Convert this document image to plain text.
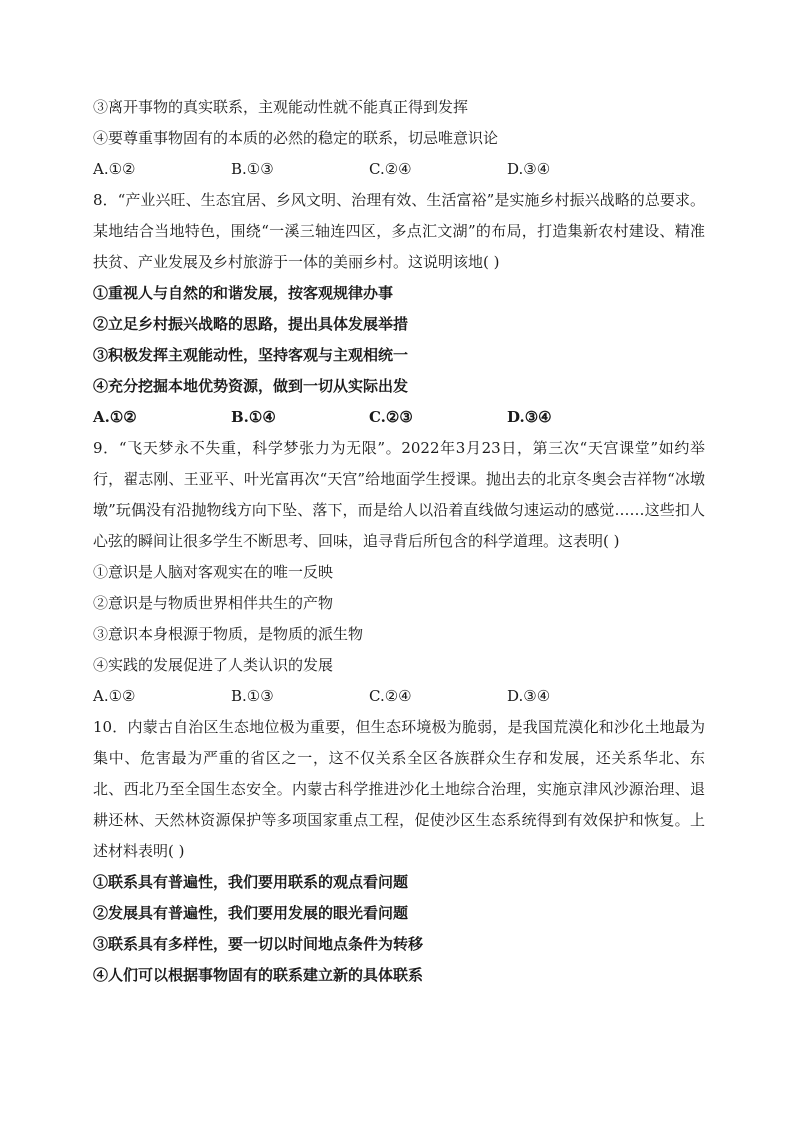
③离开事物的真实联系，主观能动性就不能真正得到发挥
④要尊重事物固有的本质的必然的稳定的联系，切忌唯意识论
A.①②	B.①③	C.②④	D.③④
8．“产业兴旺、生态宜居、乡风文明、治理有效、生活富裕”是实施乡村振兴战略的总要求。某地结合当地特色，围绕“一溪三轴连四区，多点汇文湖”的布局，打造集新农村建设、精准扶贫、产业发展及乡村旅游于一体的美丽乡村。这说明该地( )
①重视人与自然的和谐发展，按客观规律办事
②立足乡村振兴战略的思路，提出具体发展举措
③积极发挥主观能动性，坚持客观与主观相统一
④充分挖掘本地优势资源，做到一切从实际出发
A.①②	B.①④	C.②③	D.③④
9．“飞天梦永不失重，科学梦张力为无限”。2022年3月23日，第三次“天宫课堂”如约举行，翟志刚、王亚平、叶光富再次“天宫”给地面学生授课。抛出去的北京冬奥会吉祥物“冰墩墩”玩偶没有沿抛物线方向下坠、落下，而是给人以沿着直线做匀速运动的感觉……这些扣人心弦的瞬间让很多学生不断思考、回味，追寻背后所包含的科学道理。这表明( )
①意识是人脑对客观实在的唯一反映
②意识是与物质世界相伴共生的产物
③意识本身根源于物质，是物质的派生物
④实践的发展促进了人类认识的发展
A.①②	B.①③	C.②④	D.③④
10．内蒙古自治区生态地位极为重要，但生态环境极为脆弱，是我国荒漠化和沙化土地最为集中、危害最为严重的省区之一，这不仅关系全区各族群众生存和发展，还关系华北、东北、西北乃至全国生态安全。内蒙古科学推进沙化土地综合治理，实施京津风沙源治理、退耕还林、天然林资源保护等多项国家重点工程，促使沙区生态系统得到有效保护和恢复。上述材料表明( )
①联系具有普遍性，我们要用联系的观点看问题
②发展具有普遍性，我们要用发展的眼光看问题
③联系具有多样性，要一切以时间地点条件为转移
④人们可以根据事物固有的联系建立新的具体联系
